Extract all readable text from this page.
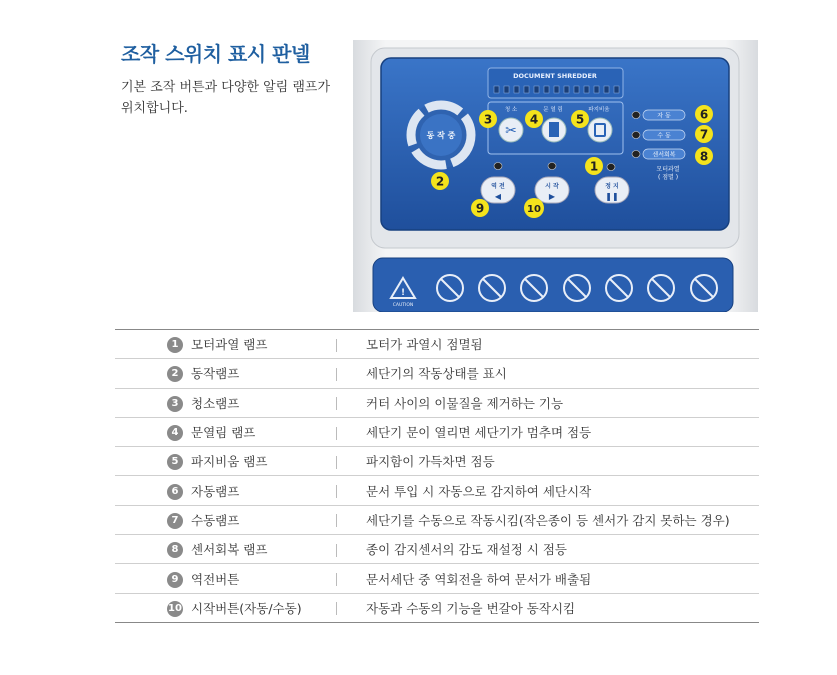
조작 스위치 표시 판넬
기본 조작 버튼과 다양한 알림 램프가 위치합니다.
DOCUMENT SHREDDER
청 소	문 열 림	파지비움
✂
자 동
수 동
센서회복
동 작 중
모터과열
( 점멸 )
역 전
◀
시 작
▶
정 지
❚❚
1
2
3	4	5	6
7
8
9	10
!
CAUTION
1	모터과열 램프		모터가 과열시 점멸됨
2	동작램프		세단기의 작동상태를 표시
3	청소램프		커터 사이의 이물질을 제거하는 기능
4	문열림 램프		세단기 문이 열리면 세단기가 멈추며 점등
5	파지비움 램프		파지함이 가득차면 점등
6	자동램프		문서 투입 시 자동으로 감지하여 세단시작
7	수동램프		세단기를 수동으로 작동시킴(작은종이 등 센서가 감지 못하는 경우)
8	센서회복 램프		종이 감지센서의 감도 재설정 시 점등
9	역전버튼		문서세단 중 역회전을 하여 문서가 배출됨
10	시작버튼(자동/수동)		자동과 수동의 기능을 번갈아 동작시킴
